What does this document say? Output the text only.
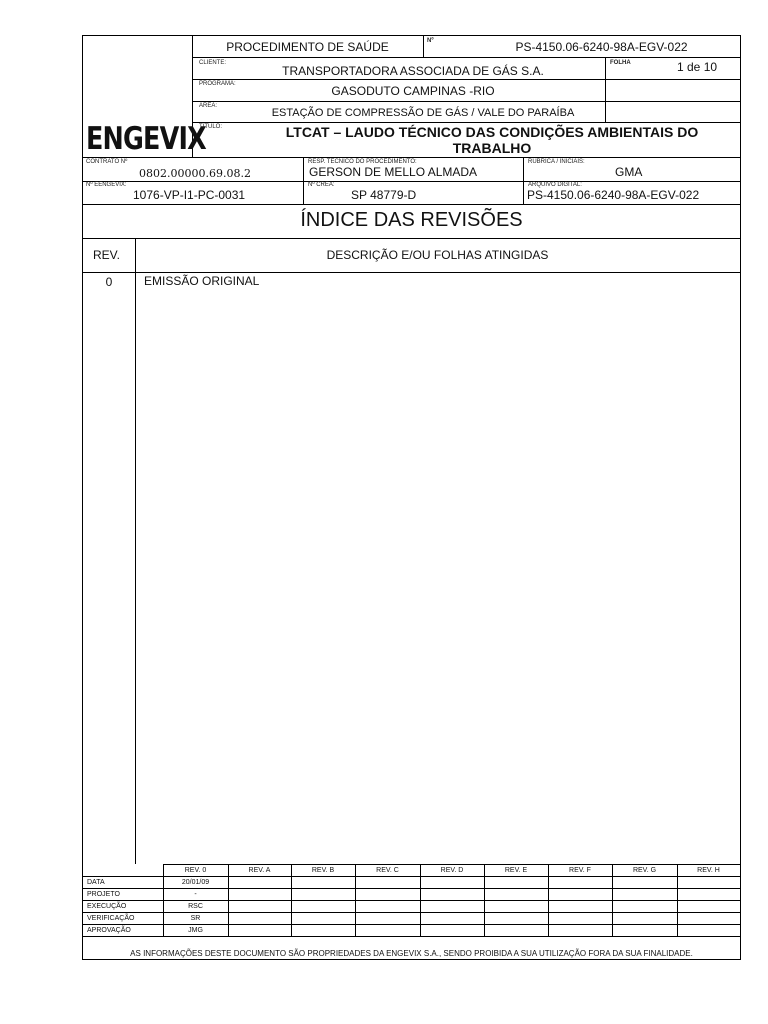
PROCEDIMENTO DE SAÚDE	Nº	PS-4150.06-6240-98A-EGV-022
CLIENTE:
TRANSPORTADORA ASSOCIADA DE GÁS S.A.
FOLHA	1 de 10
PROGRAMA:	GASODUTO CAMPINAS -RIO
AREA:
ESTAÇÃO DE COMPRESSÃO DE GÁS / VALE DO PARAÍBA
ENGEVIX
TITULO:	LTCAT – LAUDO TÉCNICO DAS CONDIÇÕES AMBIENTAIS DO TRABALHO
CONTRATO Nº
0802.00000.69.08.2
RESP. TECNICO DO PROCEDIMENTO:
GERSON DE MELLO ALMADA
RUBRICA / INICIAIS:
GMA
Nº EENGEVIX:
1076-VP-I1-PC-0031
Nº CREA:
SP 48779-D
ARQUIVO DIGITAL:
PS-4150.06-6240-98A-EGV-022
ÍNDICE DAS REVISÕES
REV.	DESCRIÇÃO E/OU FOLHAS ATINGIDAS
0	EMISSÃO ORIGINAL
	REV. 0	REV. A	REV. B	REV. C	REV. D	REV. E	REV. F	REV. G	REV. H
DATA	20/01/09								
PROJETO	-								
EXECUÇÃO	RSC								
VERIFICAÇÃO	SR								
APROVAÇÃO	JMG								
AS INFORMAÇÕES DESTE DOCUMENTO SÃO PROPRIEDADES DA ENGEVIX S.A., SENDO PROIBIDA A SUA UTILIZAÇÃO FORA DA SUA FINALIDADE.
